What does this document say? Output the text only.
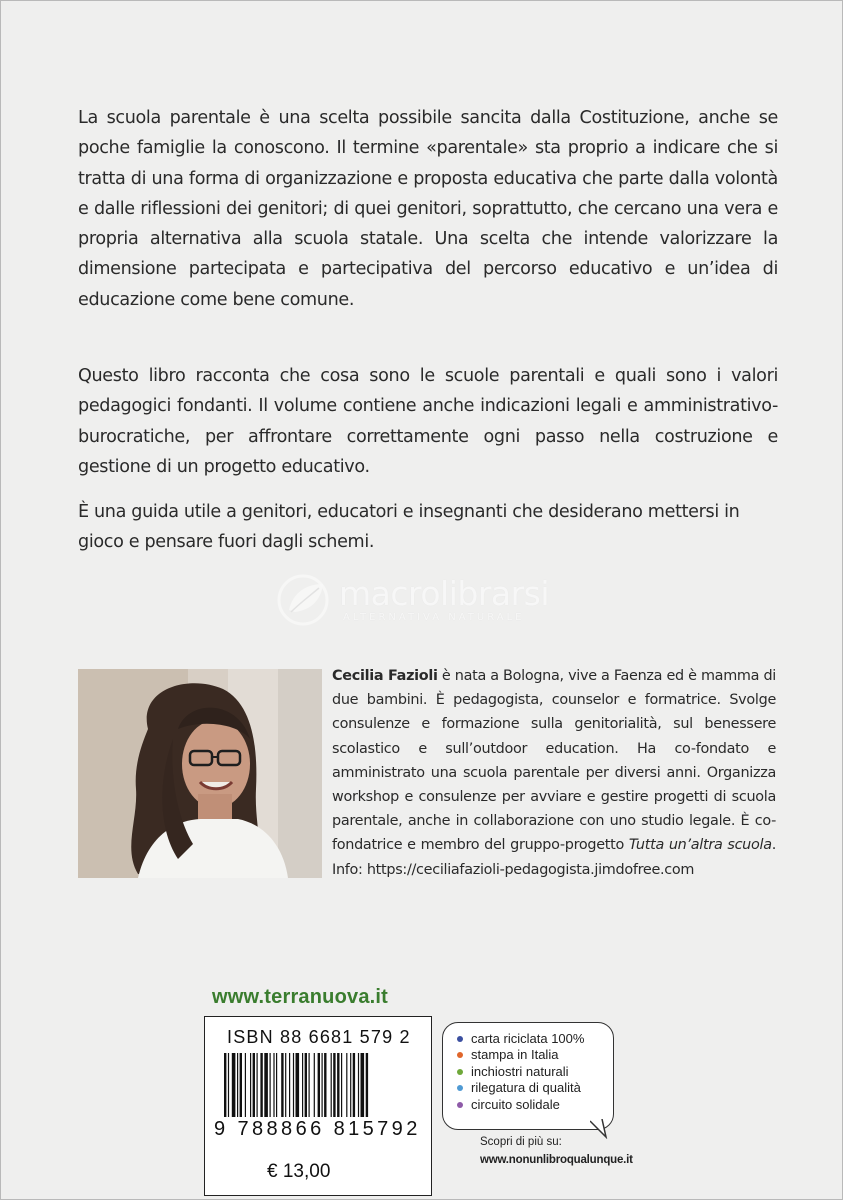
La scuola parentale è una scelta possibile sancita dalla Costituzione, anche se poche famiglie la conoscono. Il termine «parentale» sta proprio a indicare che si tratta di una forma di organizzazione e proposta educativa che parte dalla volontà e dalle riflessioni dei genitori; di quei genitori, soprattutto, che cercano una vera e propria alternativa alla scuola statale. Una scelta che intende valorizzare la dimensione partecipata e partecipativa del percorso educativo e un’idea di educazione come bene comune.

Questo libro racconta che cosa sono le scuole parentali e quali sono i valori pedagogici fondanti. Il volume contiene anche indicazioni legali e amministrativo-burocratiche, per affrontare correttamente ogni passo nella costruzione e gestione di un progetto educativo.

È una guida utile a genitori, educatori e insegnanti che desiderano mettersi in gioco e pensare fuori dagli schemi.

macrolibrarsi
ALTERNATIVA NATURALE

Cecilia Fazioli è nata a Bologna, vive a Faenza ed è mamma di due bambini. È pedagogista, counselor e formatrice. Svolge consulenze e formazione sulla genitorialità, sul benessere scolastico e sull’outdoor education. Ha co-fondato e amministrato una scuola parentale per diversi anni. Organizza workshop e consulenze per avviare e gestire progetti di scuola parentale, anche in collaborazione con uno studio legale. È co-fondatrice e membro del gruppo-progetto Tutta un’altra scuola. Info: https://ceciliafazioli-pedagogista.jimdofree.com

www.terranuova.it
ISBN 88 6681 579 2
9 788866 815792
€ 13,00
carta riciclata 100%
stampa in Italia
inchiostri naturali
rilegatura di qualità
circuito solidale
Scopri di più su:
www.nonunlibroqualunque.it
